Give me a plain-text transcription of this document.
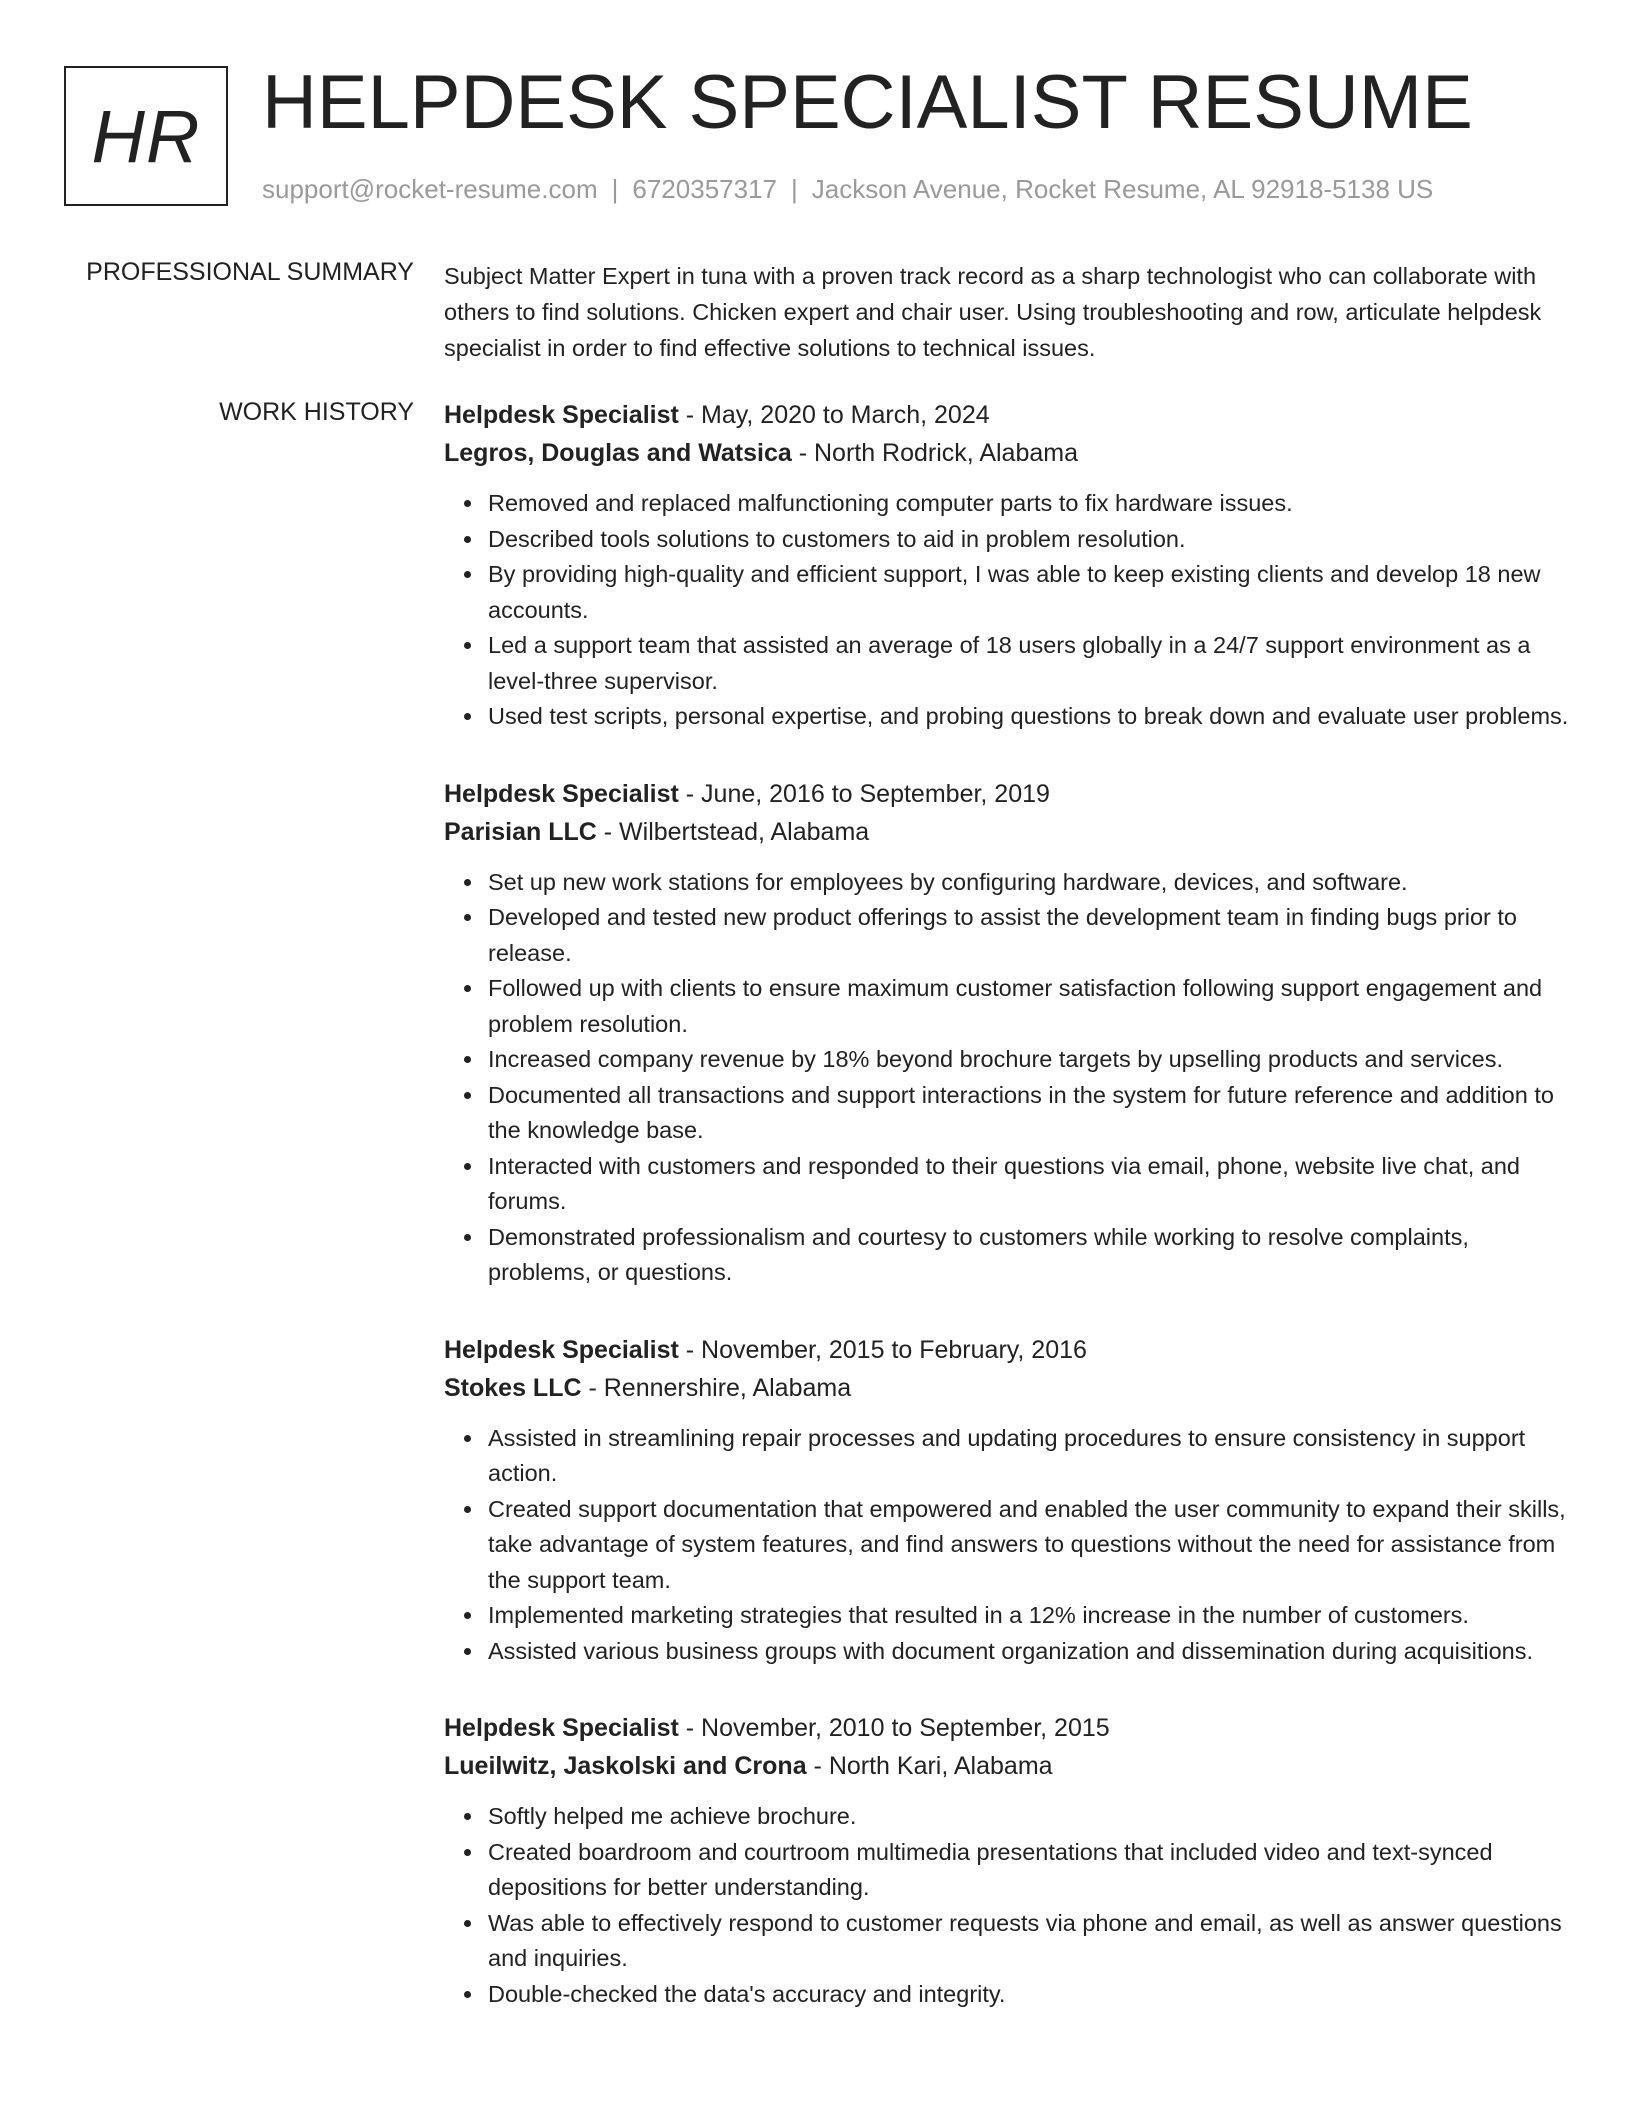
HR HELPDESK SPECIALIST RESUME
support@rocket-resume.com | 6720357317 | Jackson Avenue, Rocket Resume, AL 92918-5138 US
PROFESSIONAL SUMMARY Subject Matter Expert in tuna with a proven track record as a sharp technologist who can collaborate with others to find solutions. Chicken expert and chair user. Using troubleshooting and row, articulate helpdesk specialist in order to find effective solutions to technical issues.
WORK HISTORY Helpdesk Specialist - May, 2020 to March, 2024
Legros, Douglas and Watsica - North Rodrick, Alabama
Removed and replaced malfunctioning computer parts to fix hardware issues.
Described tools solutions to customers to aid in problem resolution.
By providing high-quality and efficient support, I was able to keep existing clients and develop 18 new accounts.
Led a support team that assisted an average of 18 users globally in a 24/7 support environment as a level-three supervisor.
Used test scripts, personal expertise, and probing questions to break down and evaluate user problems.
Helpdesk Specialist - June, 2016 to September, 2019
Parisian LLC - Wilbertstead, Alabama
Set up new work stations for employees by configuring hardware, devices, and software.
Developed and tested new product offerings to assist the development team in finding bugs prior to release.
Followed up with clients to ensure maximum customer satisfaction following support engagement and problem resolution.
Increased company revenue by 18% beyond brochure targets by upselling products and services.
Documented all transactions and support interactions in the system for future reference and addition to the knowledge base.
Interacted with customers and responded to their questions via email, phone, website live chat, and forums.
Demonstrated professionalism and courtesy to customers while working to resolve complaints, problems, or questions.
Helpdesk Specialist - November, 2015 to February, 2016
Stokes LLC - Rennershire, Alabama
Assisted in streamlining repair processes and updating procedures to ensure consistency in support action.
Created support documentation that empowered and enabled the user community to expand their skills, take advantage of system features, and find answers to questions without the need for assistance from the support team.
Implemented marketing strategies that resulted in a 12% increase in the number of customers.
Assisted various business groups with document organization and dissemination during acquisitions.
Helpdesk Specialist - November, 2010 to September, 2015
Lueilwitz, Jaskolski and Crona - North Kari, Alabama
Softly helped me achieve brochure.
Created boardroom and courtroom multimedia presentations that included video and text-synced depositions for better understanding.
Was able to effectively respond to customer requests via phone and email, as well as answer questions and inquiries.
Double-checked the data's accuracy and integrity.
